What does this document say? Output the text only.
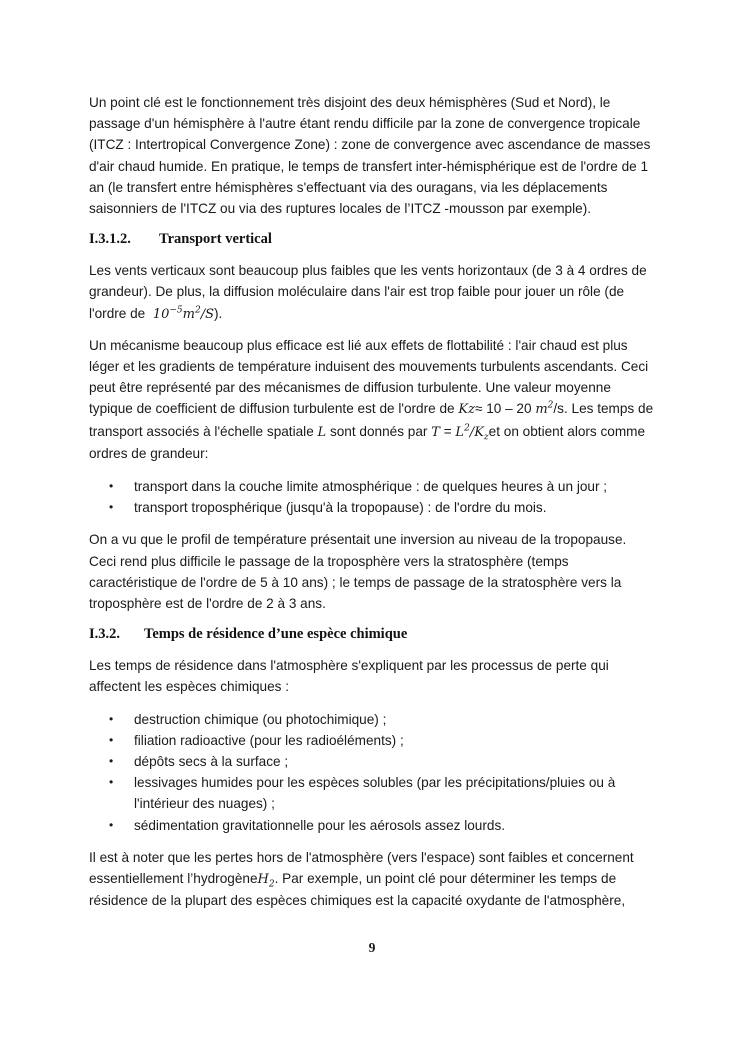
Un point clé est le fonctionnement très disjoint des deux hémisphères (Sud et Nord), le passage d'un hémisphère à l'autre étant rendu difficile par la zone de convergence tropicale (ITCZ : Intertropical Convergence Zone) : zone de convergence avec ascendance de masses d'air chaud humide. En pratique, le temps de transfert inter-hémisphérique est de l'ordre de 1 an (le transfert entre hémisphères s'effectuant via des ouragans, via les déplacements saisonniers de l'ITCZ ou via des ruptures locales de l’ITCZ -mousson par exemple).

I.3.1.2. Transport vertical

Les vents verticaux sont beaucoup plus faibles que les vents horizontaux (de 3 à 4 ordres de grandeur). De plus, la diffusion moléculaire dans l'air est trop faible pour jouer un rôle (de l'ordre de $10^{-5}m^2/S$).

Un mécanisme beaucoup plus efficace est lié aux effets de flottabilité : l'air chaud est plus léger et les gradients de température induisent des mouvements turbulents ascendants. Ceci peut être représenté par des mécanismes de diffusion turbulente. Une valeur moyenne typique de coefficient de diffusion turbulente est de l'ordre de Kz≈ 10 – 20 $m^2/s$. Les temps de transport associés à l'échelle spatiale L sont donnés par $T = L^2/K_zet$ on obtient alors comme ordres de grandeur:

• transport dans la couche limite atmosphérique : de quelques heures à un jour ;
• transport troposphérique (jusqu'à la tropopause) : de l'ordre du mois.

On a vu que le profil de température présentait une inversion au niveau de la tropopause. Ceci rend plus difficile le passage de la troposphère vers la stratosphère (temps caractéristique de l'ordre de 5 à 10 ans) ; le temps de passage de la stratosphère vers la troposphère est de l'ordre de 2 à 3 ans.

I.3.2. Temps de résidence d’une espèce chimique

Les temps de résidence dans l'atmosphère s'expliquent par les processus de perte qui affectent les espèces chimiques :

• destruction chimique (ou photochimique) ;
• filiation radioactive (pour les radioéléments) ;
• dépôts secs à la surface ;
• lessivages humides pour les espèces solubles (par les précipitations/pluies ou à l'intérieur des nuages) ;
• sédimentation gravitationnelle pour les aérosols assez lourds.

Il est à noter que les pertes hors de l'atmosphère (vers l'espace) sont faibles et concernent essentiellement l’hydrogèneH$_2$. Par exemple, un point clé pour déterminer les temps de résidence de la plupart des espèces chimiques est la capacité oxydante de l'atmosphère,

9
